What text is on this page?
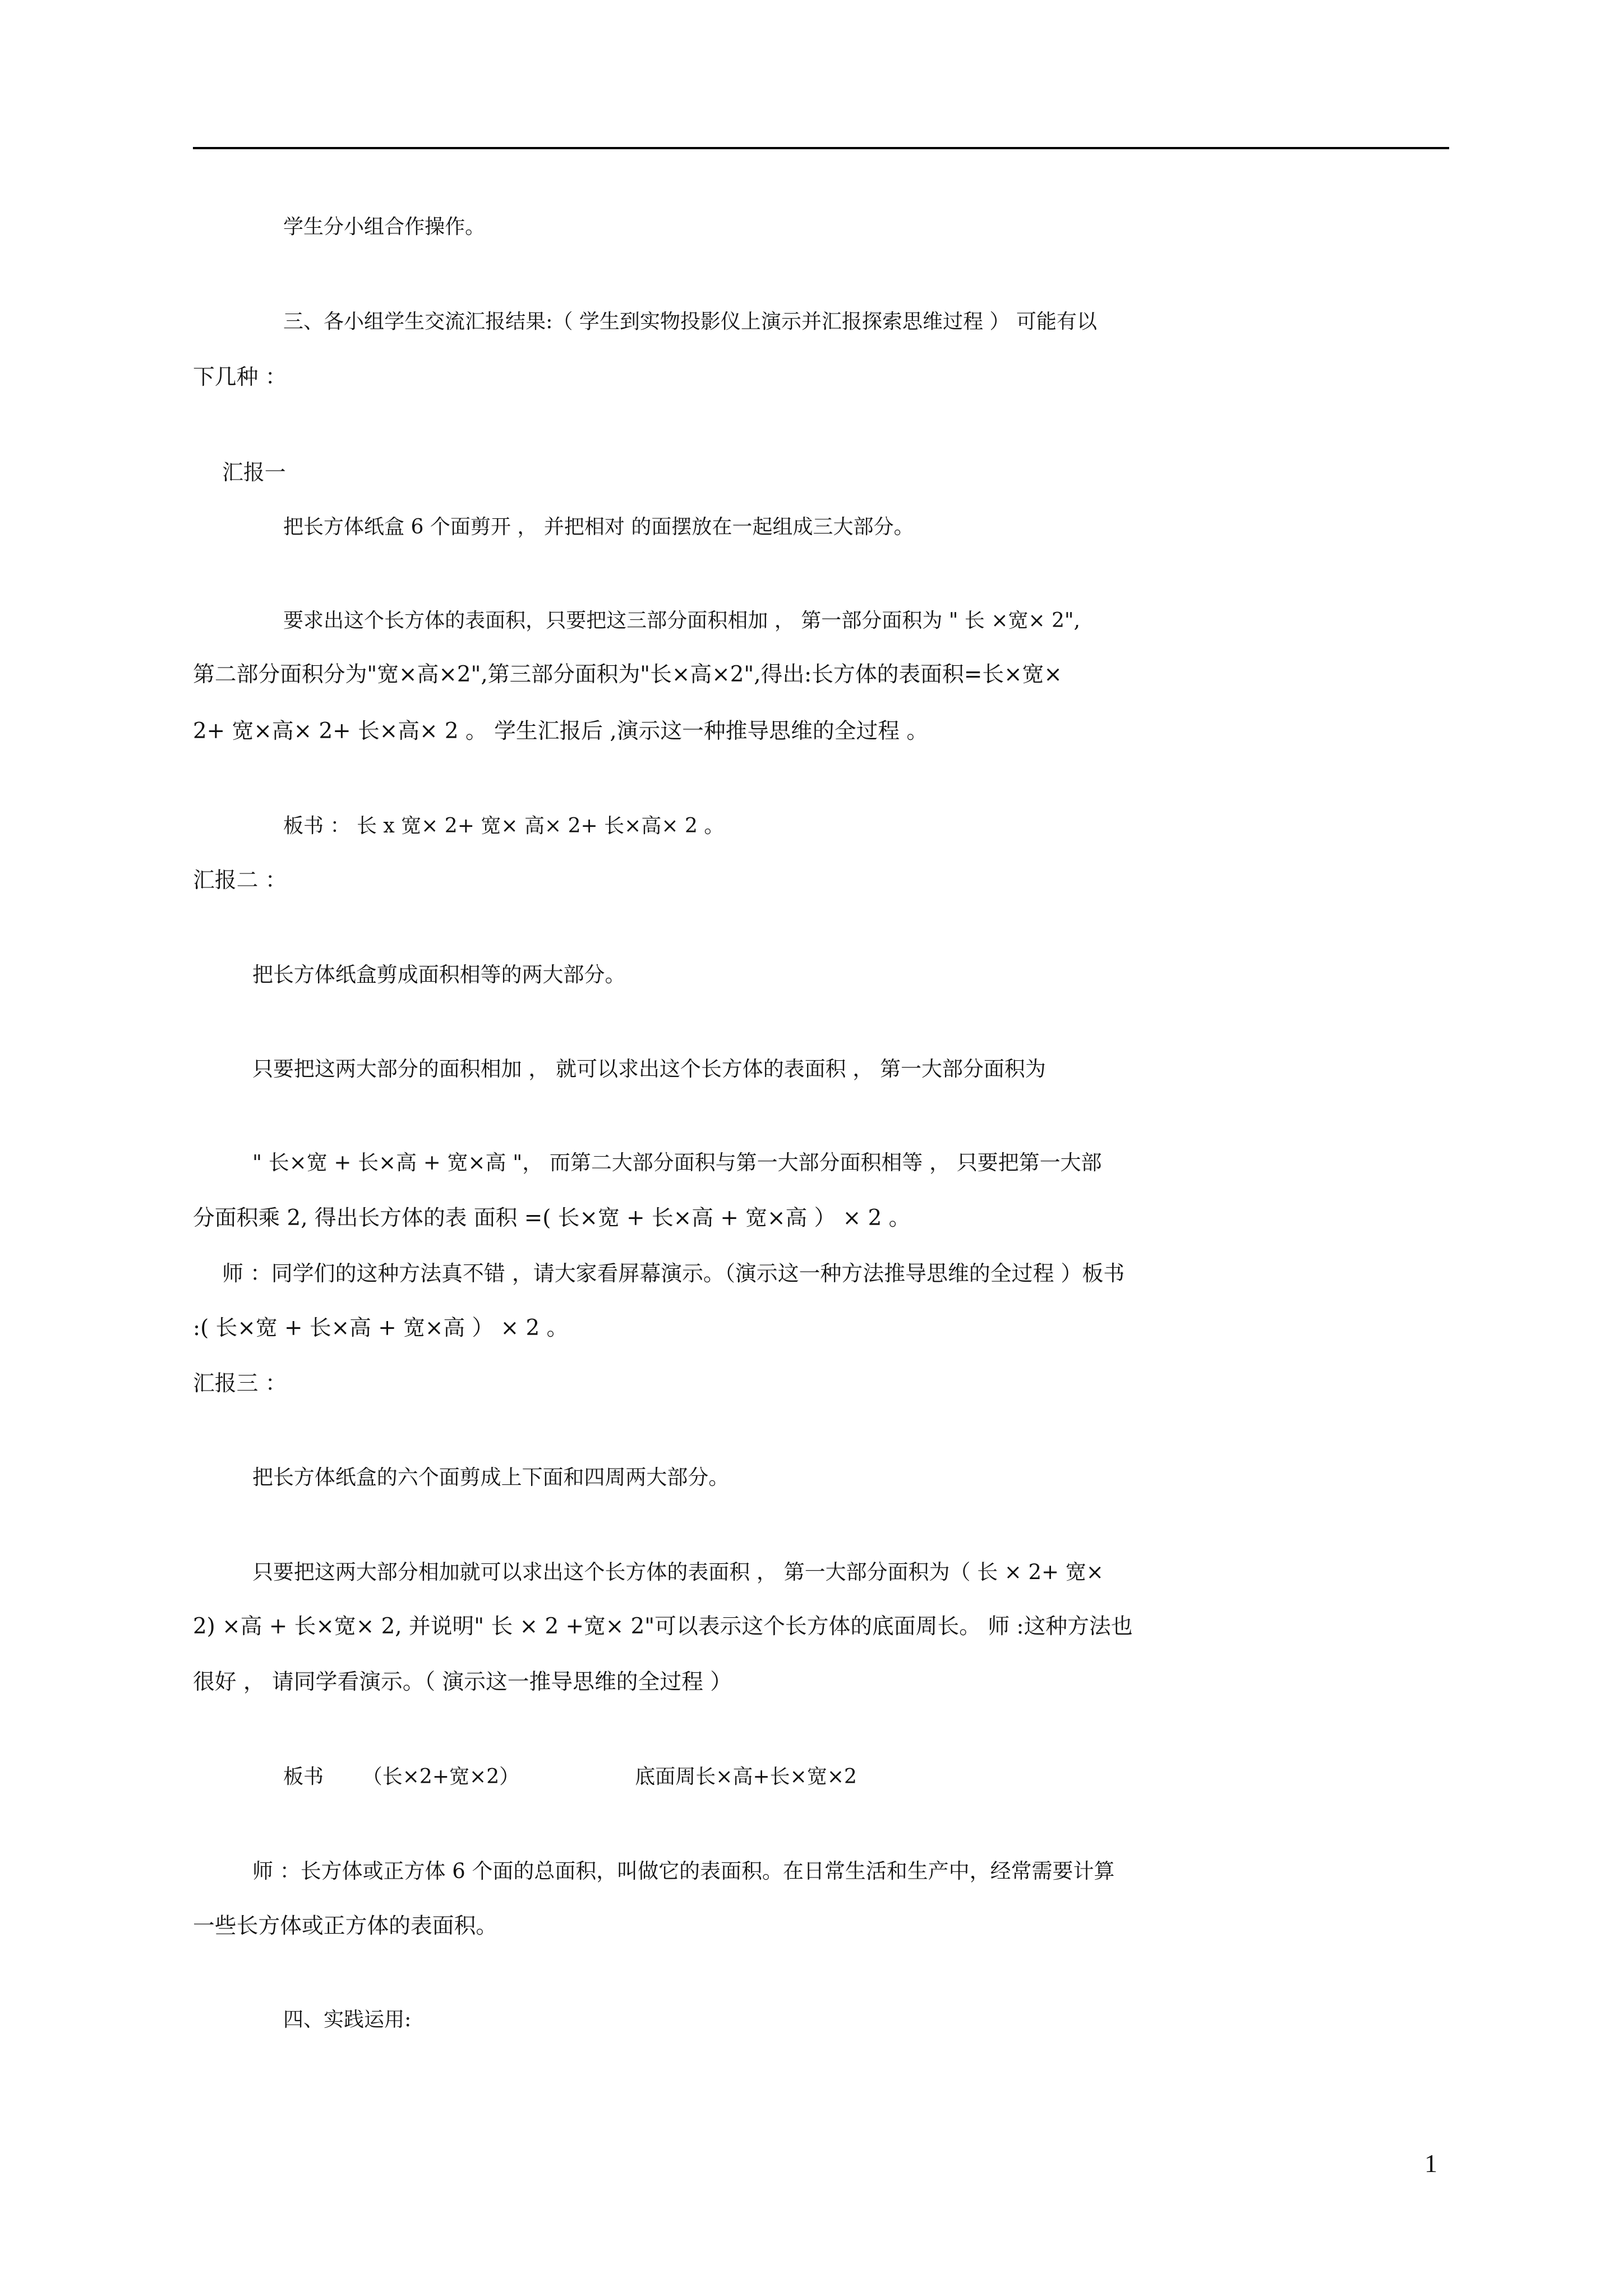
学生分小组合作操作。
三、各小组学生交流汇报结果:（ 学生到实物投影仪上演示并汇报探索思维过程 ） 可能有以
下几种 ：
汇报一
把长方体纸盒 6 个面剪开 ， 并把相对 的面摆放在一起组成三大部分。
要求出这个长方体的表面积，只要把这三部分面积相加 ， 第一部分面积为 " 长 ×宽× 2",
第二部分面积分为"宽×高×2",第三部分面积为"长×高×2",得出:长方体的表面积=长×宽×
2+ 宽×高× 2+ 长×高× 2 。 学生汇报后 ,演示这一种推导思维的全过程 。
板书 ： 长 x 宽× 2+ 宽× 高× 2+ 长×高× 2 。
汇报二 ：
把长方体纸盒剪成面积相等的两大部分。
只要把这两大部分的面积相加 ， 就可以求出这个长方体的表面积 ， 第一大部分面积为
" 长×宽 + 长×高 + 宽×高 "， 而第二大部分面积与第一大部分面积相等 ， 只要把第一大部
分面积乘 2, 得出长方体的表 面积 =( 长×宽 + 长×高 + 宽×高 ） × 2 。
师 ：同学们的这种方法真不错 ，请大家看屏幕演示。（演示这一种方法推导思维的全过程 ）板书
:( 长×宽 + 长×高 + 宽×高 ） × 2 。
汇报三 ：
把长方体纸盒的六个面剪成上下面和四周两大部分。
只要把这两大部分相加就可以求出这个长方体的表面积 ， 第一大部分面积为（ 长 × 2+ 宽×
2) ×高 + 长×宽× 2, 并说明" 长 × 2 +宽× 2"可以表示这个长方体的底面周长。 师 :这种方法也
很好 ， 请同学看演示。（ 演示这一推导思维的全过程 ）
板书      （长×2+宽×2）                  底面周长×高+长×宽×2
师 ：长方体或正方体 6 个面的总面积，叫做它的表面积。在日常生活和生产中，经常需要计算
一些长方体或正方体的表面积。
四、实践运用:
1
